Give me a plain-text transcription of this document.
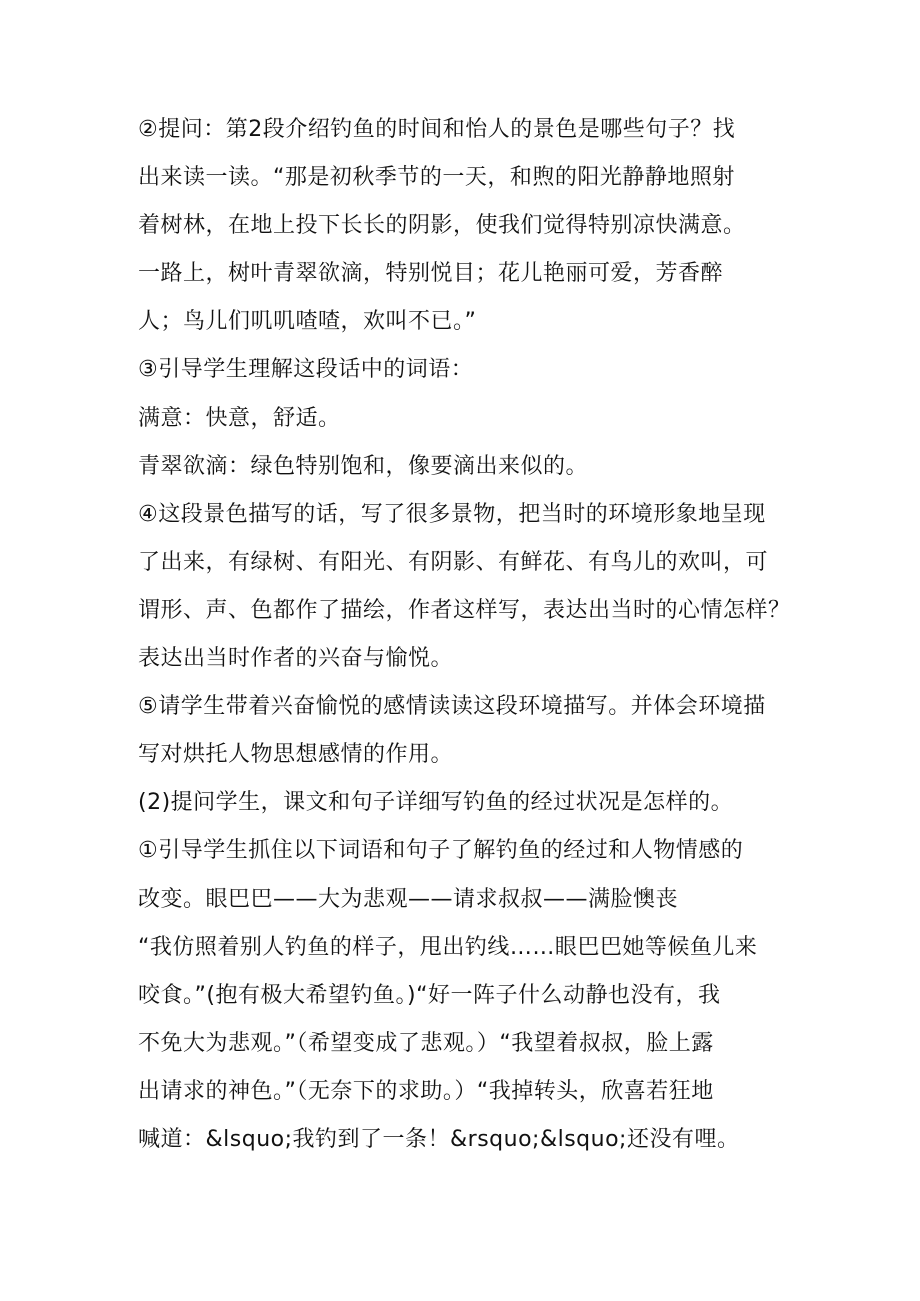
②提问：第2段介绍钓鱼的时间和怡人的景色是哪些句子？找
出来读一读。“那是初秋季节的一天，和煦的阳光静静地照射
着树林，在地上投下长长的阴影，使我们觉得特别凉快满意。
一路上，树叶青翠欲滴，特别悦目；花儿艳丽可爱，芳香醉
人；鸟儿们叽叽喳喳，欢叫不已。”
③引导学生理解这段话中的词语：
满意：快意，舒适。
青翠欲滴：绿色特别饱和，像要滴出来似的。
④这段景色描写的话，写了很多景物，把当时的环境形象地呈现
了出来，有绿树、有阳光、有阴影、有鲜花、有鸟儿的欢叫，可
谓形、声、色都作了描绘，作者这样写，表达出当时的心情怎样？
表达出当时作者的兴奋与愉悦。
⑤请学生带着兴奋愉悦的感情读读这段环境描写。并体会环境描
写对烘托人物思想感情的作用。
(2)提问学生，课文和句子详细写钓鱼的经过状况是怎样的。
①引导学生抓住以下词语和句子了解钓鱼的经过和人物情感的
改变。眼巴巴——大为悲观——请求叔叔——满脸懊丧
“我仿照着别人钓鱼的样子，甩出钓线……眼巴巴她等候鱼儿来
咬食。”(抱有极大希望钓鱼。)“好一阵子什么动静也没有，我
不免大为悲观。”（希望变成了悲观。）“我望着叔叔，脸上露
出请求的神色。”（无奈下的求助。）“我掉转头，欣喜若狂地
喊道：&lsquo;我钓到了一条！&rsquo;&lsquo;还没有哩。
